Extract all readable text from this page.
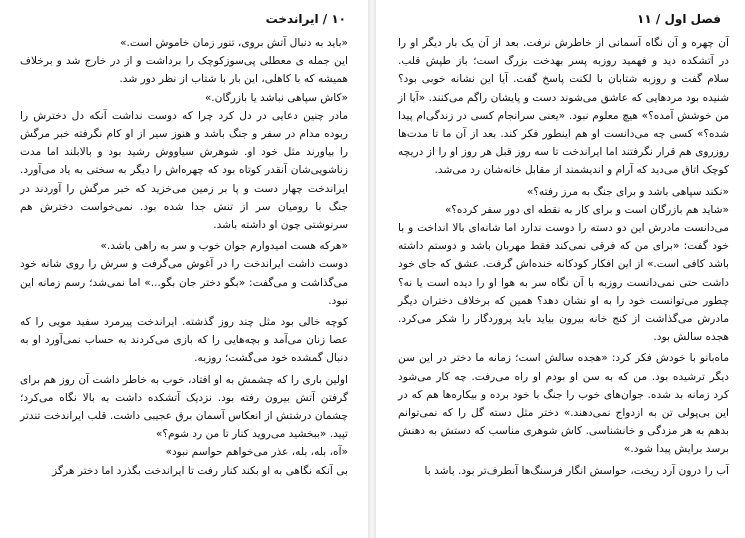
۱۰ / ایراندخت

«باید به دنبال آتش بروی، تنور زمان خاموش است.»

این جمله ی معطلی پی‌سوزکوچک را برداشت و از در خارج شد و برخلاف همیشه که با کاهلی، این بار با شتاب از نظر دور شد.

«کاش سپاهی نباشد یا بازرگان.»

مادر چنین دعایی در دل کرد چرا که دوست نداشت آنکه دل دخترش را ربوده مدام در سفر و جنگ باشد و هنوز سیر از او کام نگرفته خبر مرگش را بیاورند مثل خود او. شوهرش سیاووش رشید بود و بالابلند اما مدت زناشویی‌شان آنقدر کوتاه بود که چهره‌اش را دیگر به سختی به یاد می‌آورد. ایراندخت چهار دست و پا بر زمین می‌خزید که خبر مرگش را آوردند در جنگ با رومیان سر از تنش جدا شده بود. نمی‌خواست دخترش هم سرنوشتی چون او داشته باشد.

«هرکه هست امیدوارم جوان خوب و سر به راهی باشد.»

دوست داشت ایراندخت را در آغوش می‌گرفت و سرش را روی شانه خود می‌گذاشت و می‌گفت: «بگو دختر جان بگو...» اما نمی‌شد؛ رسم زمانه این نبود.

کوچه خالی بود مثل چند روز گذشته. ایراندخت پیرمرد سفید مویی را که عصا زنان می‌آمد و بچه‌هایی را که بازی می‌کردند به حساب نمی‌آورد او به دنبال گمشده خود می‌گشت؛ روزبه.

اولین باری را که چشمش به او افتاد، خوب به خاطر داشت آن روز هم برای گرفتن آتش بیرون رفته بود. نزدیک آتشکده داشت به بالا نگاه می‌کرد؛ چشمان درشتش از انعکاس آسمان برق عجیبی داشت. قلب ایراندخت تندتر تپید. «ببخشید می‌روید کنار تا من رد شوم؟»

«آه، بله، بله، عذر می‌خواهم حواسم نبود»

بی آنکه نگاهی به او بکند کنار رفت تا ایراندخت بگذرد اما دختر هرگز

فصل اول / ۱۱

آن چهره و آن نگاه آسمانی از خاطرش نرفت. بعد از آن یک بار دیگر او را در آتشکده دید و فهمید روزبه پسر بهدخت بزرگ است؛ باز طپش قلب. سلام گفت و روزبه شتابان با لکنت پاسخ گفت. آیا این نشانه خوبی بود؟ شنیده بود مردهایی که عاشق می‌شوند دست و پایشان راگم می‌کنند. «آیا از من خوشش آمده؟» هیچ معلوم نبود. «یعنی سرانجام کسی در زندگی‌ام پیدا شده؟» کسی چه می‌دانست او هم اینطور فکر کند. بعد از آن ما تا مدت‌ها روزروی هم قرار نگرفتند اما ایراندخت تا سه روز قبل هر روز او را از دریچه کوچک اتاق می‌دید که آرام و اندیشمند از مقابل خانه‌شان رد می‌شد.

«نکند سپاهی باشد و برای جنگ به مرز رفته؟»

«شاید هم بازرگان است و برای کار به نقطه ای دور سفر کرده؟»

می‌دانست مادرش این دو دسته را دوست ندارد اما شانه‌ای بالا انداخت و با خود گفت: «برای من که فرقی نمی‌کند فقط مهربان باشد و دوستم داشته باشد کافی است.» از این افکار کودکانه خنده‌اش گرفت. عشق که جای خود داشت حتی نمی‌دانست روزبه با آن نگاه سر به هوا او را دیده است یا نه؟ چطور می‌توانست خود را به او نشان دهد؟ همین که برخلاف دختران دیگر مادرش می‌گذاشت از کنج خانه بیرون بیاید باید پروردگار را شکر می‌کرد. هجده سالش بود.

ماه‌بانو با خودش فکر کرد: «هجده سالش است؛ زمانه ما دختر در این سن دیگر ترشیده بود. من که به سن او بودم او راه می‌رفت. چه کار می‌شود کرد زمانه بد شده. جوان‌های خوب را جنگ با خود برده و بیکاره‌ها هم که در این بی‌پولی تن به ازدواج نمی‌دهند.» دختر مثل دسته گل را که نمی‌توانم بدهم به هر مزدگی و خانشناسی. کاش شوهری مناسب که دستش به دهنش برسد برایش پیدا شود.»

آب را درون آرد ریخت، حواسش انگار فرسنگ‌ها آنطرف‌تر بود. باشد با
